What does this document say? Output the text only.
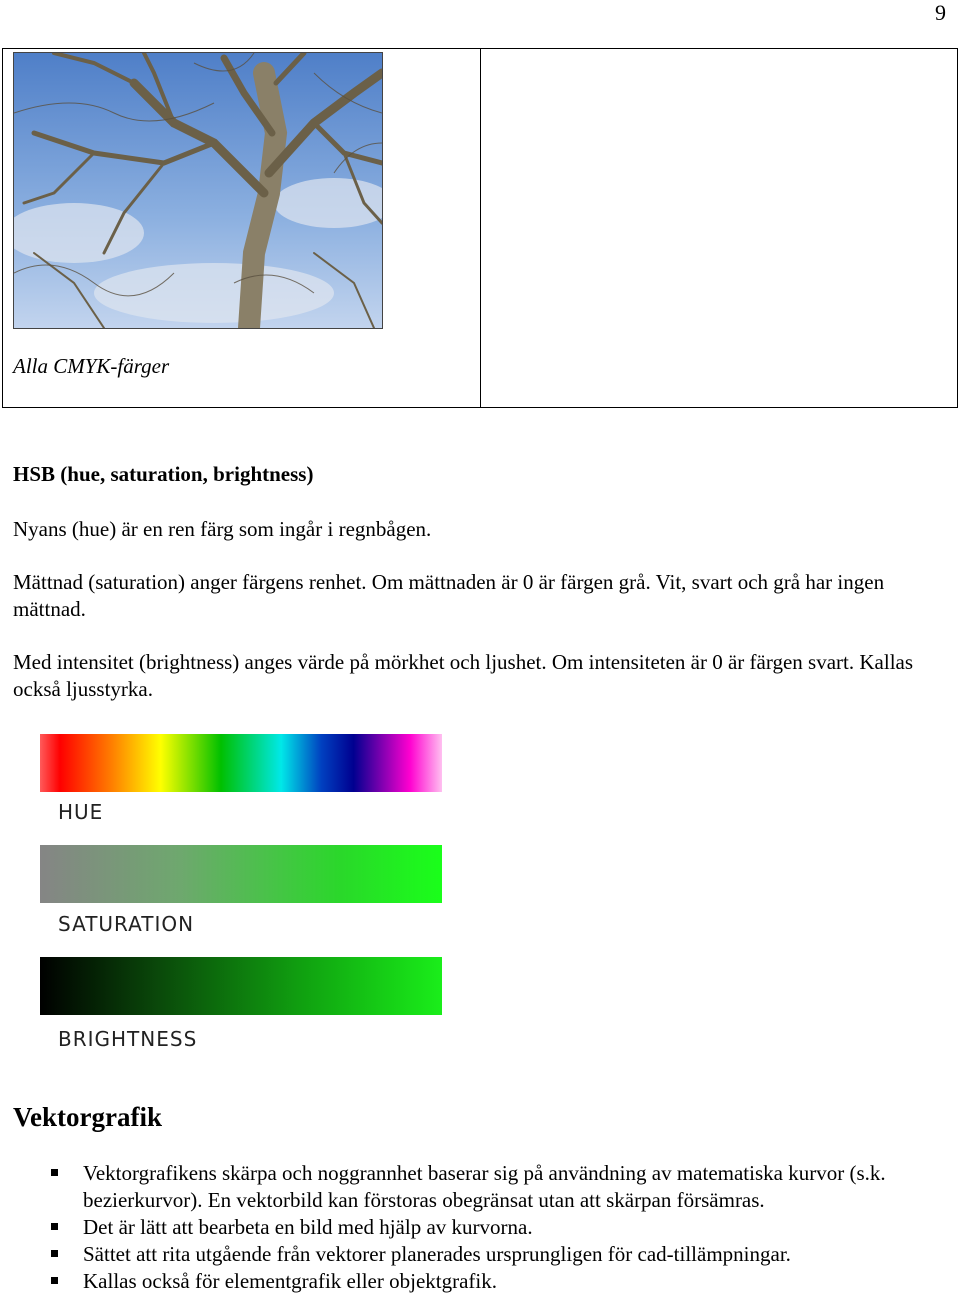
9
Alla CMYK-färger
HSB (hue, saturation, brightness)
Nyans (hue) är en ren färg som ingår i regnbågen.
Mättnad (saturation) anger färgens renhet. Om mättnaden är 0 är färgen grå. Vit, svart och grå har ingen mättnad.
Med intensitet (brightness) anges värde på mörkhet och ljushet. Om intensiteten är 0 är färgen svart. Kallas också ljusstyrka.
HUE
SATURATION
BRIGHTNESS
Vektorgrafik
Vektorgrafikens skärpa och noggrannhet baserar sig på användning av matematiska kurvor (s.k. bezierkurvor). En vektorbild kan förstoras obegränsat utan att skärpan försämras.
Det är lätt att bearbeta en bild med hjälp av kurvorna.
Sättet att rita utgående från vektorer planerades ursprungligen för cad-tillämpningar.
Kallas också för elementgrafik eller objektgrafik.
